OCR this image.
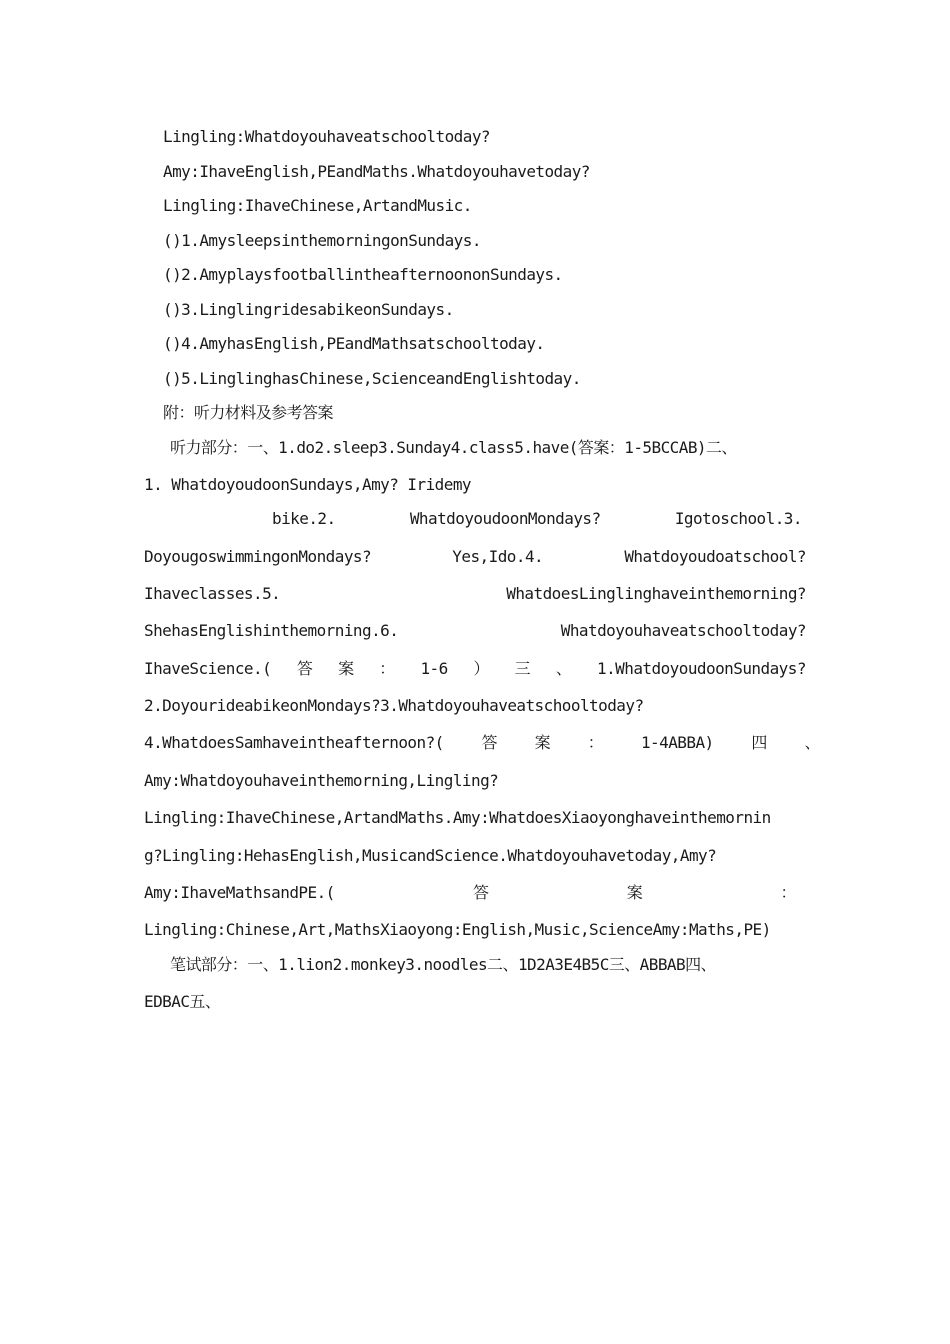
Lingling:Whatdoyouhaveatschooltoday?
Amy:IhaveEnglish,PEandMaths.Whatdoyouhavetoday?
Lingling:IhaveChinese,ArtandMusic.
()1.AmysleepsinthemorningonSundays.
()2.AmyplaysfootballintheafternoononSundays.
()3.LinglingridesabikeonSundays.
()4.AmyhasEnglish,PEandMathsatschooltoday.
()5.LinglinghasChinese,ScienceandEnglishtoday.
附：听力材料及参考答案
听力部分：一、1.do2.sleep3.Sunday4.class5.have(答案：1-5BCCAB)二、
1. WhatdoyoudoonSundays,Amy? Iridemy
bike.2.	WhatdoyoudoonMondays?	Igotoschool.3.
DoyougoswimmingonMondays?	Yes,Ido.4.	Whatdoyoudoatschool?
Ihaveclasses.5.	WhatdoesLinglinghaveinthemorning?
ShehasEnglishinthemorning.6.	Whatdoyouhaveatschooltoday?
IhaveScience.( 答 案 ： 1-6 ） 三 、 1.WhatdoyoudoonSundays?
2.DoyourideabikeonMondays?3.Whatdoyouhaveatschooltoday?
4.WhatdoesSamhaveintheafternoon?( 答 案 ： 1-4ABBA) 四 、
Amy:Whatdoyouhaveinthemorning,Lingling?
Lingling:IhaveChinese,ArtandMaths.Amy:WhatdoesXiaoyonghaveinthemornin
g?Lingling:HehasEnglish,MusicandScience.Whatdoyouhavetoday,Amy?
Amy:IhaveMathsandPE.(	答	案	：
Lingling:Chinese,Art,MathsXiaoyong:English,Music,ScienceAmy:Maths,PE)
笔试部分：一、1.lion2.monkey3.noodles二、1D2A3E4B5C三、ABBAB四、
EDBAC五、
